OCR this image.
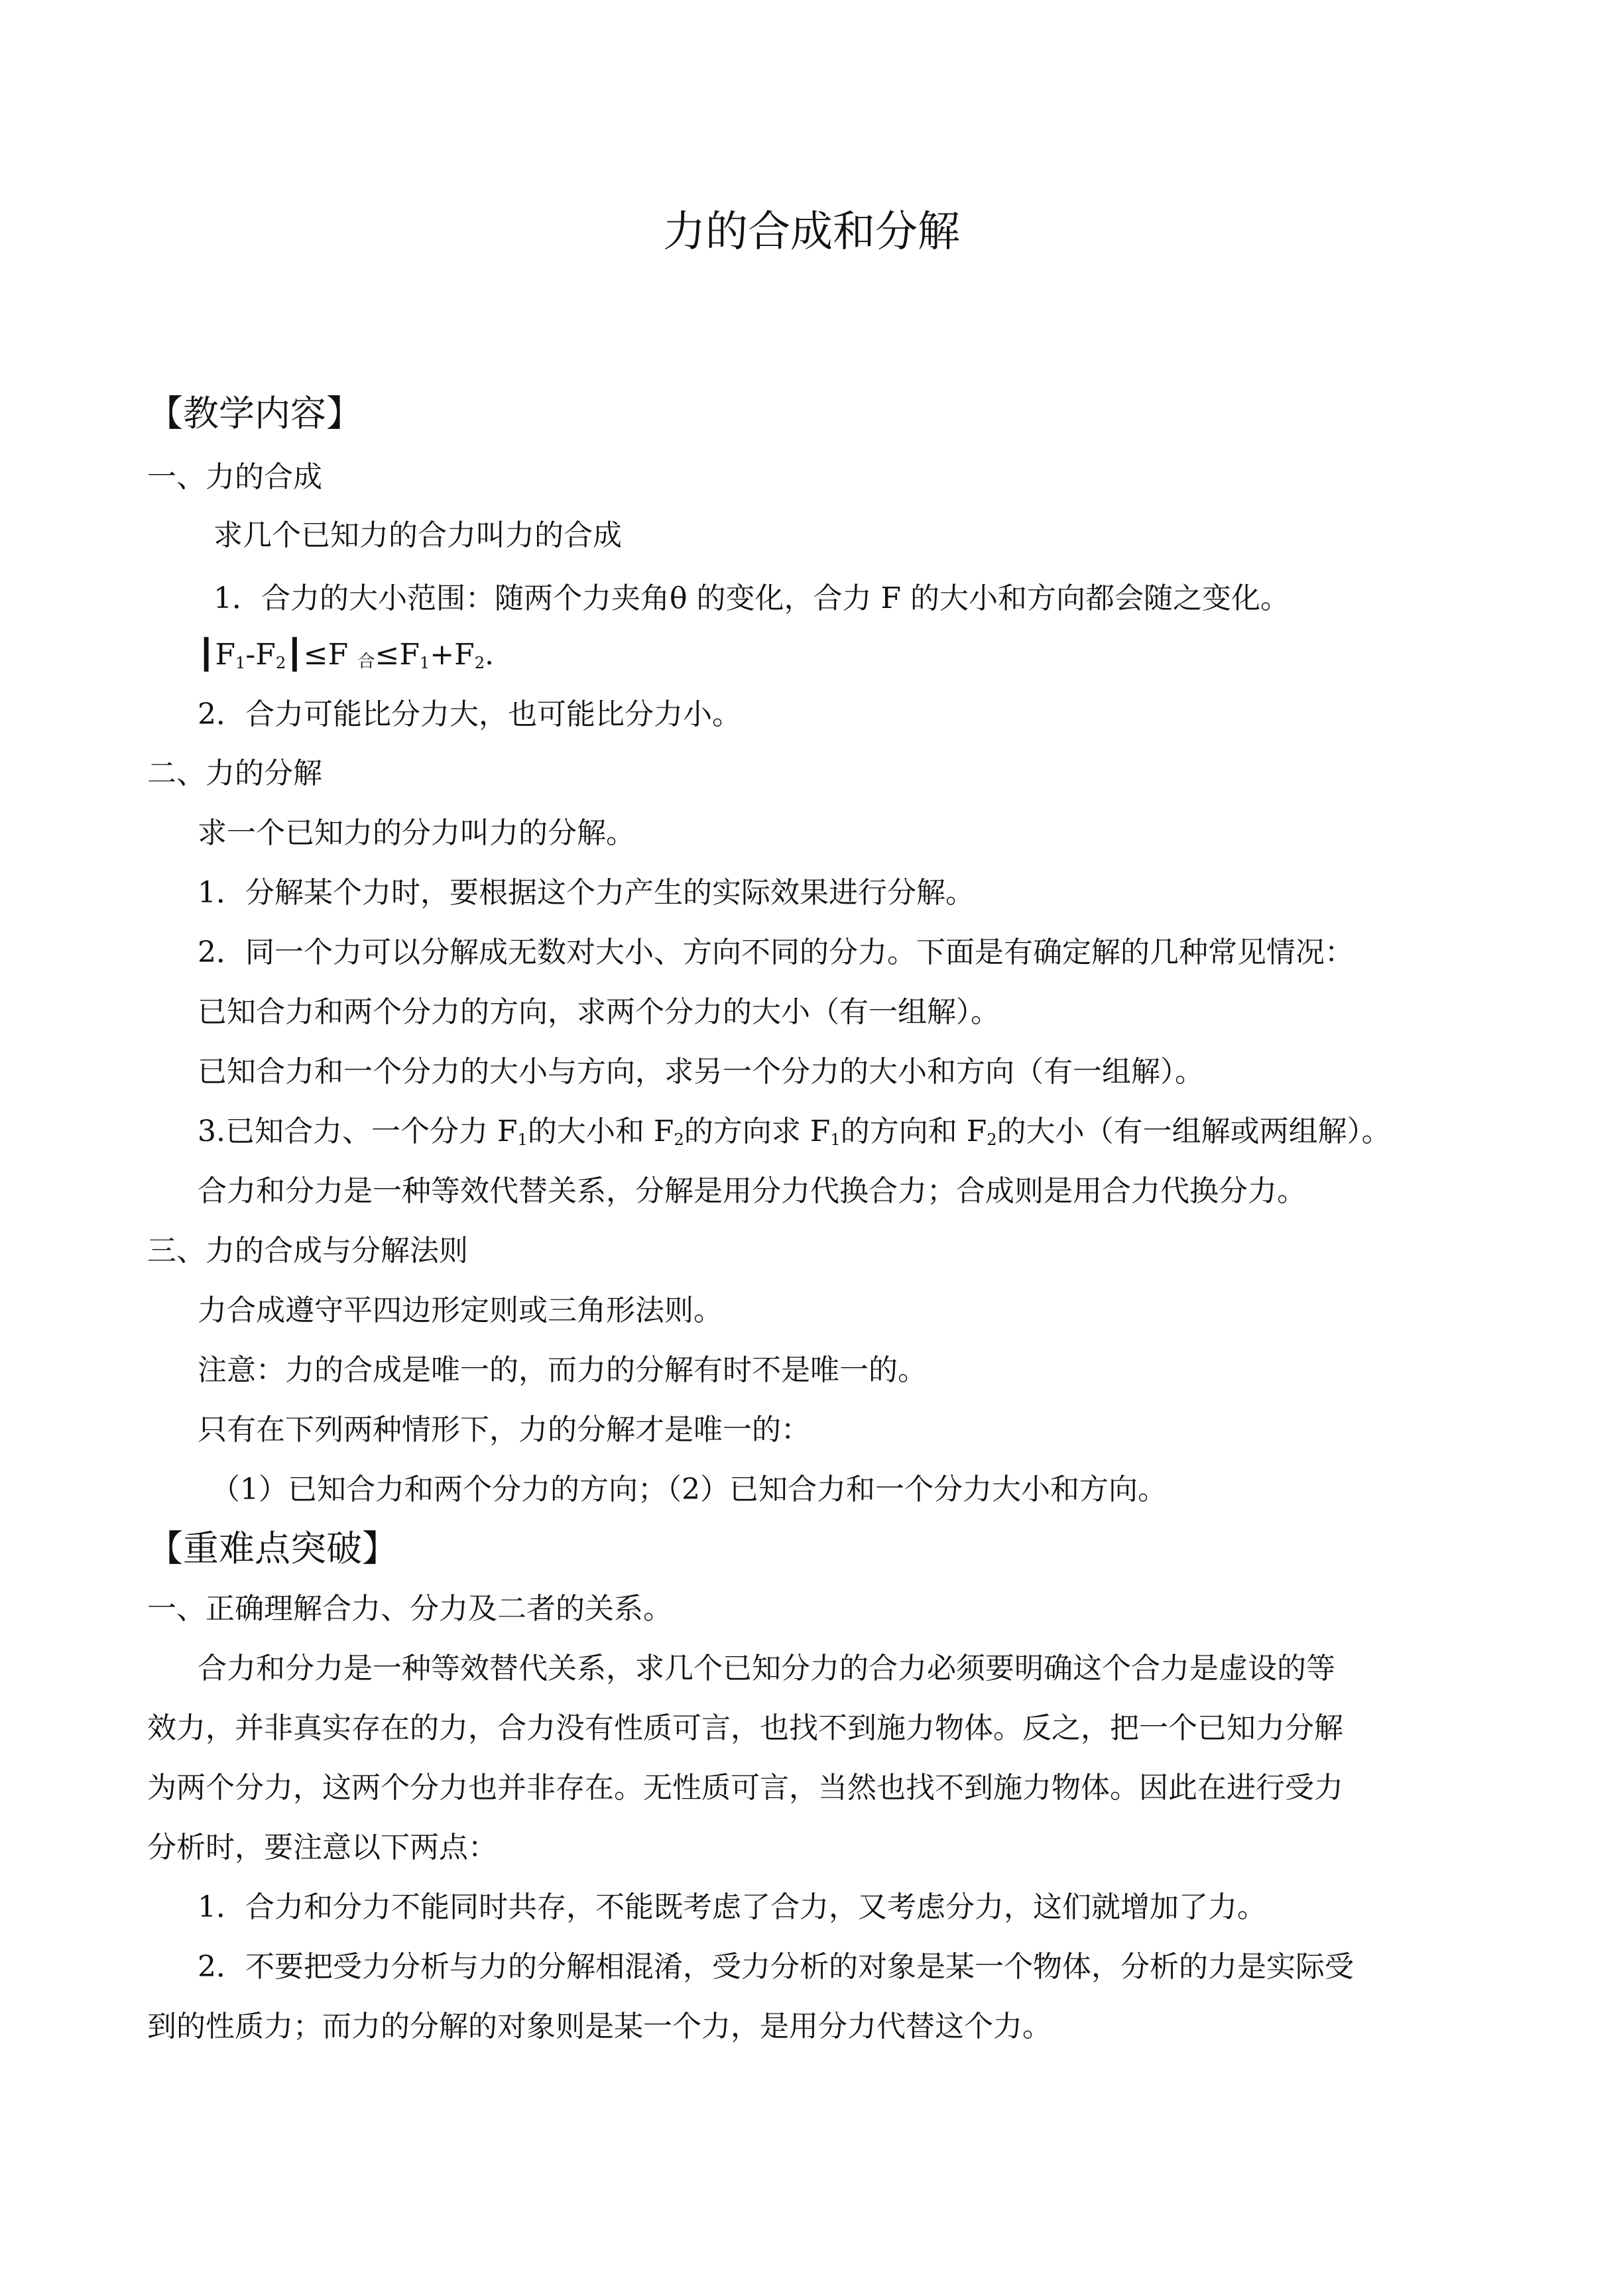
力的合成和分解
【教学内容】
一、力的合成
求几个已知力的合力叫力的合成
1．合力的大小范围：随两个力夹角θ 的变化，合力 F 的大小和方向都会随之变化。
$┃F_1-F_2┃\le F$ $_合\le F_1+F_2$.
2．合力可能比分力大，也可能比分力小。
二、力的分解
求一个已知力的分力叫力的分解。
1．分解某个力时，要根据这个力产生的实际效果进行分解。
2．同一个力可以分解成无数对大小、方向不同的分力。下面是有确定解的几种常见情况：
已知合力和两个分力的方向，求两个分力的大小（有一组解）。
已知合力和一个分力的大小与方向，求另一个分力的大小和方向（有一组解）。
3.已知合力、一个分力 $F_1$的大小和 $F_2$的方向求 $F_1$的方向和 $F_2$的大小（有一组解或两组解）。
合力和分力是一种等效代替关系，分解是用分力代换合力；合成则是用合力代换分力。
三、力的合成与分解法则
力合成遵守平四边形定则或三角形法则。
注意：力的合成是唯一的，而力的分解有时不是唯一的。
只有在下列两种情形下，力的分解才是唯一的：
（1）已知合力和两个分力的方向；（2）已知合力和一个分力大小和方向。
【重难点突破】
一、正确理解合力、分力及二者的关系。
合力和分力是一种等效替代关系，求几个已知分力的合力必须要明确这个合力是虚设的等
效力，并非真实存在的力，合力没有性质可言，也找不到施力物体。反之，把一个已知力分解
为两个分力，这两个分力也并非存在。无性质可言，当然也找不到施力物体。因此在进行受力
分析时，要注意以下两点：
1．合力和分力不能同时共存，不能既考虑了合力，又考虑分力，这们就增加了力。
2．不要把受力分析与力的分解相混淆，受力分析的对象是某一个物体，分析的力是实际受
到的性质力；而力的分解的对象则是某一个力，是用分力代替这个力。
